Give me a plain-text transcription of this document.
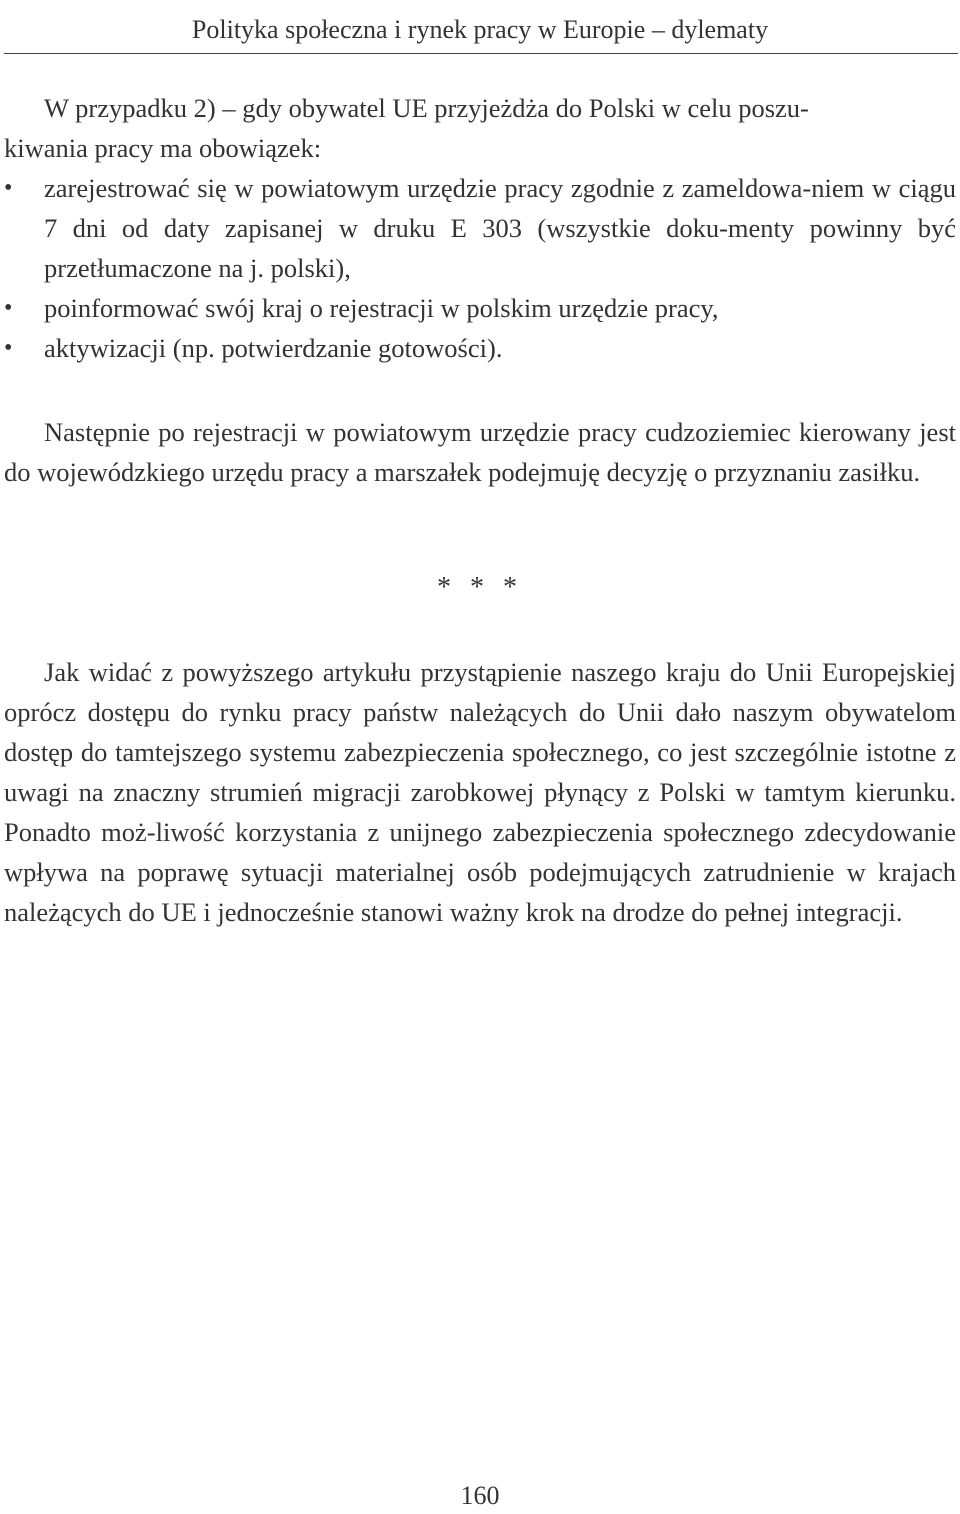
Polityka społeczna i rynek pracy w Europie – dylematy
W przypadku 2) – gdy obywatel UE przyjeżdża do Polski w celu poszu-
kiwania pracy ma obowiązek:
•	zarejestrować się w powiatowym urzędzie pracy zgodnie z zameldowa-niem w ciągu 7 dni od daty zapisanej w druku E 303 (wszystkie doku-menty powinny być przetłumaczone na j. polski),
•	poinformować swój kraj o rejestracji w polskim urzędzie pracy,
•	aktywizacji (np. potwierdzanie gotowości).
Następnie po rejestracji w powiatowym urzędzie pracy cudzoziemiec kierowany jest do wojewódzkiego urzędu pracy a marszałek podejmuję decyzję o przyznaniu zasiłku.
* * *
Jak widać z powyższego artykułu przystąpienie naszego kraju do Unii Europejskiej oprócz dostępu do rynku pracy państw należących do Unii dało naszym obywatelom dostęp do tamtejszego systemu zabezpieczenia społecznego, co jest szczególnie istotne z uwagi na znaczny strumień migracji zarobkowej płynący z Polski w tamtym kierunku. Ponadto moż-liwość korzystania z unijnego zabezpieczenia społecznego zdecydowanie wpływa na poprawę sytuacji materialnej osób podejmujących zatrudnienie w krajach należących do UE i jednocześnie stanowi ważny krok na drodze do pełnej integracji.
160
